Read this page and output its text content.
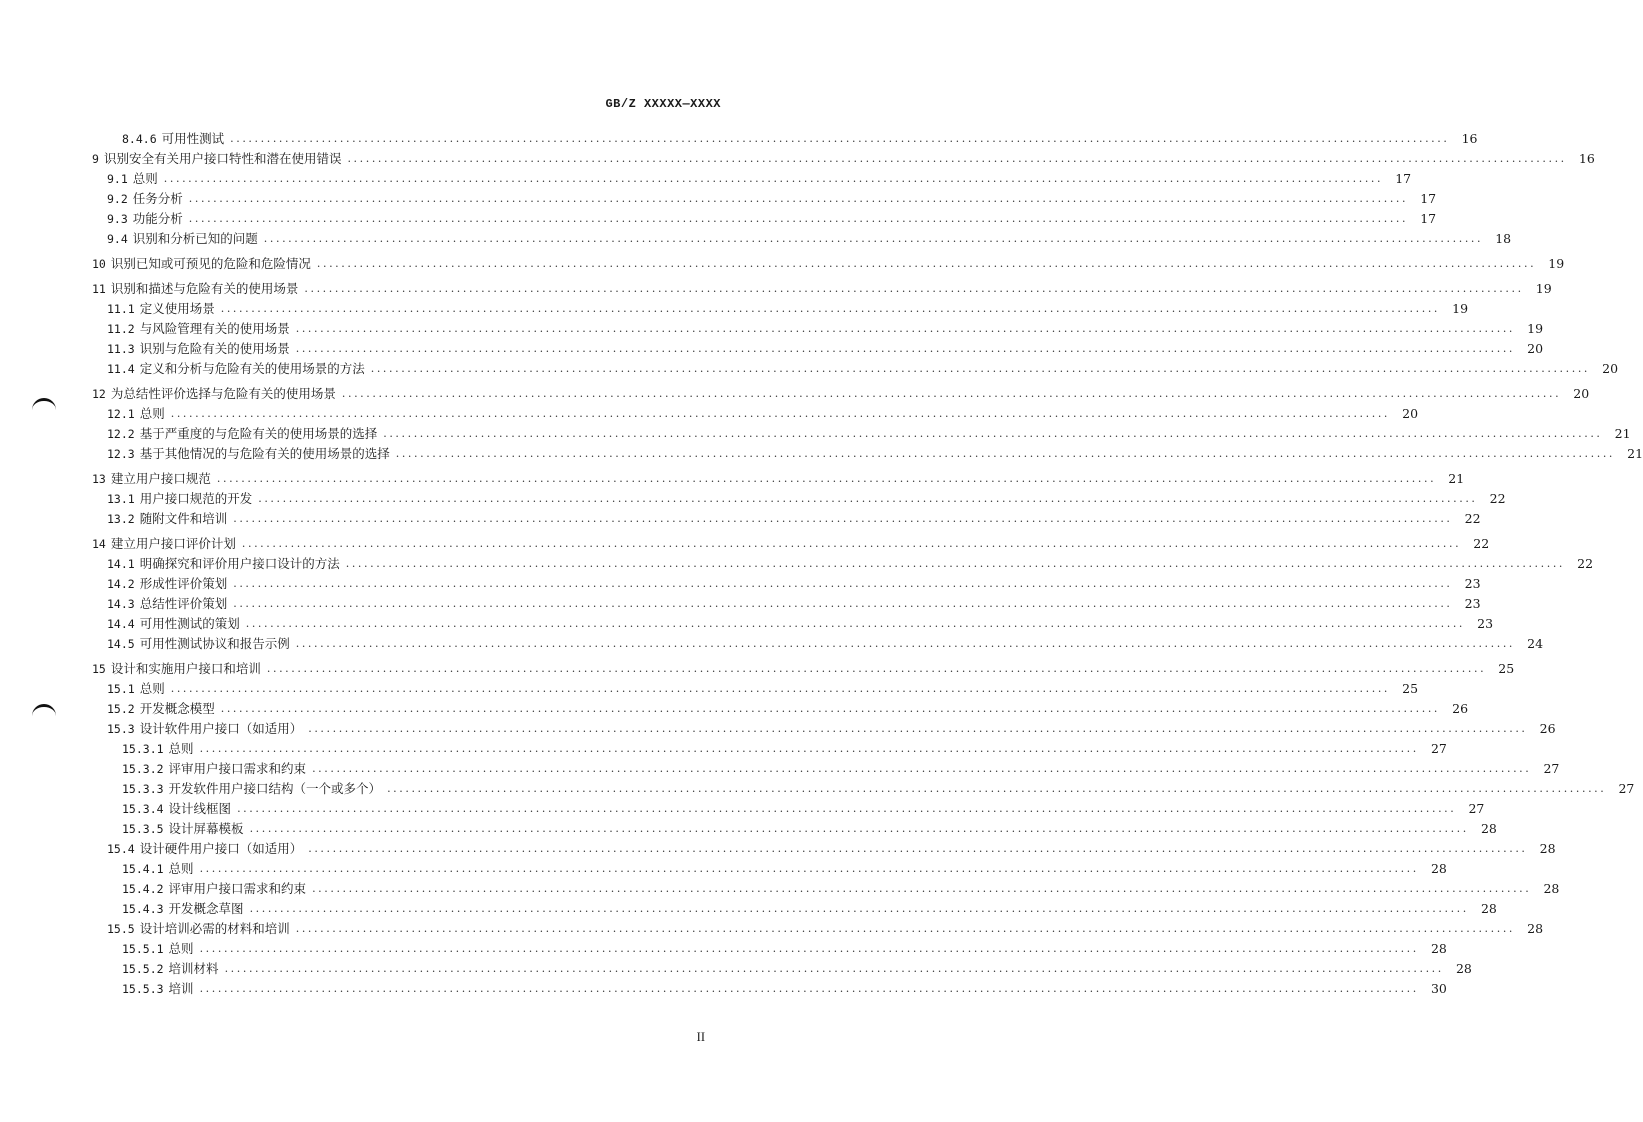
GB/Z XXXXX—XXXX
8.4.6 可用性测试 ........................................................................................................................................................................................................ 16
9 识别安全有关用户接口特性和潜在使用错误 ........................................................................................................................................................................................................ 16
9.1 总则 ........................................................................................................................................................................................................ 17
9.2 任务分析 ........................................................................................................................................................................................................ 17
9.3 功能分析 ........................................................................................................................................................................................................ 17
9.4 识别和分析已知的问题 ........................................................................................................................................................................................................ 18
10 识别已知或可预见的危险和危险情况 ........................................................................................................................................................................................................ 19
11 识别和描述与危险有关的使用场景 ........................................................................................................................................................................................................ 19
11.1 定义使用场景 ........................................................................................................................................................................................................ 19
11.2 与风险管理有关的使用场景 ........................................................................................................................................................................................................ 19
11.3 识别与危险有关的使用场景 ........................................................................................................................................................................................................ 20
11.4 定义和分析与危险有关的使用场景的方法 ........................................................................................................................................................................................................ 20
12 为总结性评价选择与危险有关的使用场景 ........................................................................................................................................................................................................ 20
12.1 总则 ........................................................................................................................................................................................................ 20
12.2 基于严重度的与危险有关的使用场景的选择 ........................................................................................................................................................................................................ 21
12.3 基于其他情况的与危险有关的使用场景的选择 ........................................................................................................................................................................................................ 21
13 建立用户接口规范 ........................................................................................................................................................................................................ 21
13.1 用户接口规范的开发 ........................................................................................................................................................................................................ 22
13.2 随附文件和培训 ........................................................................................................................................................................................................ 22
14 建立用户接口评价计划 ........................................................................................................................................................................................................ 22
14.1 明确探究和评价用户接口设计的方法 ........................................................................................................................................................................................................ 22
14.2 形成性评价策划 ........................................................................................................................................................................................................ 23
14.3 总结性评价策划 ........................................................................................................................................................................................................ 23
14.4 可用性测试的策划 ........................................................................................................................................................................................................ 23
14.5 可用性测试协议和报告示例 ........................................................................................................................................................................................................ 24
15 设计和实施用户接口和培训 ........................................................................................................................................................................................................ 25
15.1 总则 ........................................................................................................................................................................................................ 25
15.2 开发概念模型 ........................................................................................................................................................................................................ 26
15.3 设计软件用户接口（如适用） ........................................................................................................................................................................................................ 26
15.3.1 总则 ........................................................................................................................................................................................................ 27
15.3.2 评审用户接口需求和约束 ........................................................................................................................................................................................................ 27
15.3.3 开发软件用户接口结构（一个或多个） ........................................................................................................................................................................................................ 27
15.3.4 设计线框图 ........................................................................................................................................................................................................ 27
15.3.5 设计屏幕模板 ........................................................................................................................................................................................................ 28
15.4 设计硬件用户接口（如适用） ........................................................................................................................................................................................................ 28
15.4.1 总则 ........................................................................................................................................................................................................ 28
15.4.2 评审用户接口需求和约束 ........................................................................................................................................................................................................ 28
15.4.3 开发概念草图 ........................................................................................................................................................................................................ 28
15.5 设计培训必需的材料和培训 ........................................................................................................................................................................................................ 28
15.5.1 总则 ........................................................................................................................................................................................................ 28
15.5.2 培训材料 ........................................................................................................................................................................................................ 28
15.5.3 培训 ........................................................................................................................................................................................................ 30
II
